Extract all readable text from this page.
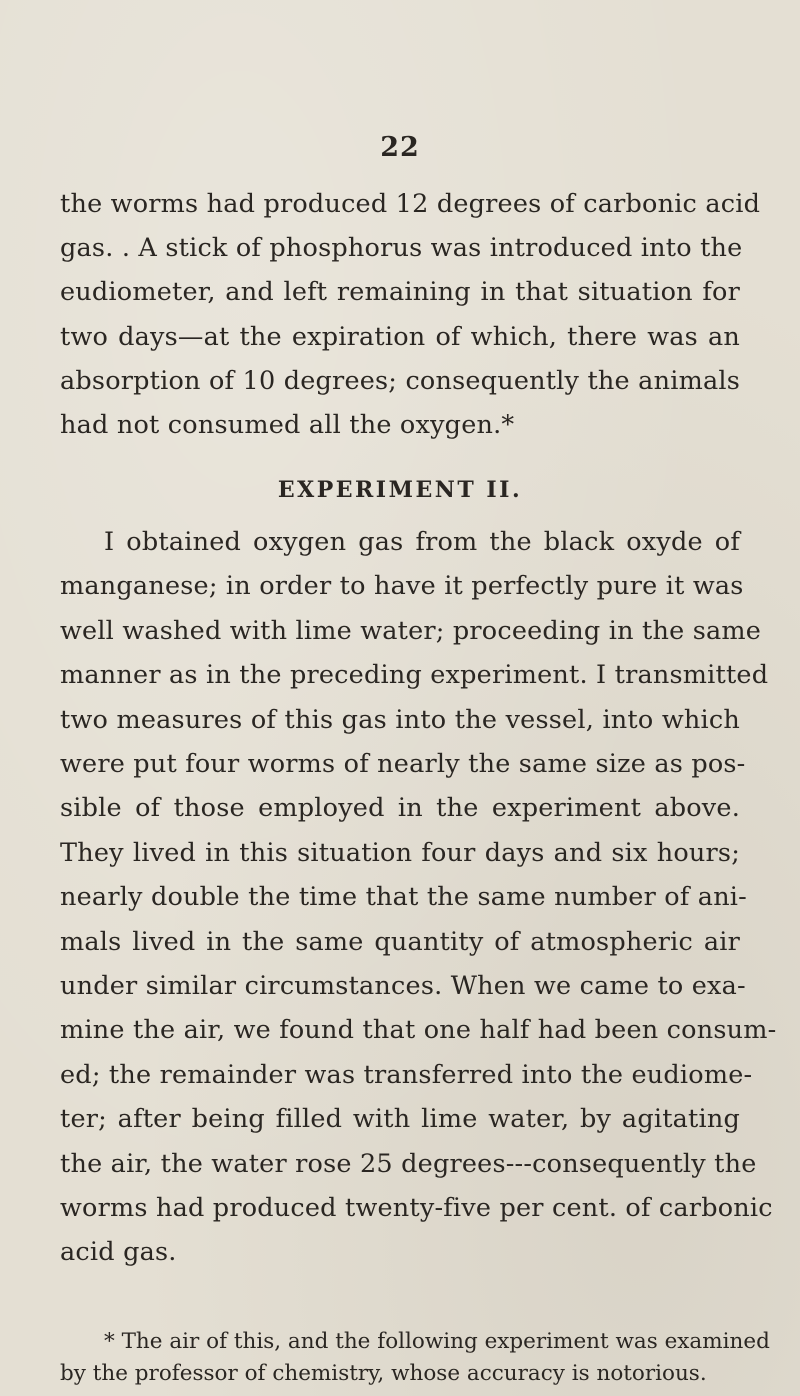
22
the worms had produced 12 degrees of carbonic acid
gas. . A stick of phosphorus was introduced into the
eudiometer, and left remaining in that situation for
two days—at the expiration of which, there was an
absorption of 10 degrees; consequently the animals
had not consumed all the oxygen.*
EXPERIMENT II.
I obtained oxygen gas from the black oxyde of
manganese; in order to have it perfectly pure it was
well washed with lime water; proceeding in the same
manner as in the preceding experiment. I transmitted
two measures of this gas into the vessel, into which
were put four worms of nearly the same size as pos-
sible of those employed in the experiment above.
They lived in this situation four days and six hours;
nearly double the time that the same number of ani-
mals lived in the same quantity of atmospheric air
under similar circumstances. When we came to exa-
mine the air, we found that one half had been consum-
ed; the remainder was transferred into the eudiome-
ter; after being filled with lime water, by agitating
the air, the water rose 25 degrees---consequently the
worms had produced twenty-five per cent. of carbonic
acid gas.
* The air of this, and the following experiment was examined
by the professor of chemistry, whose accuracy is notorious.
